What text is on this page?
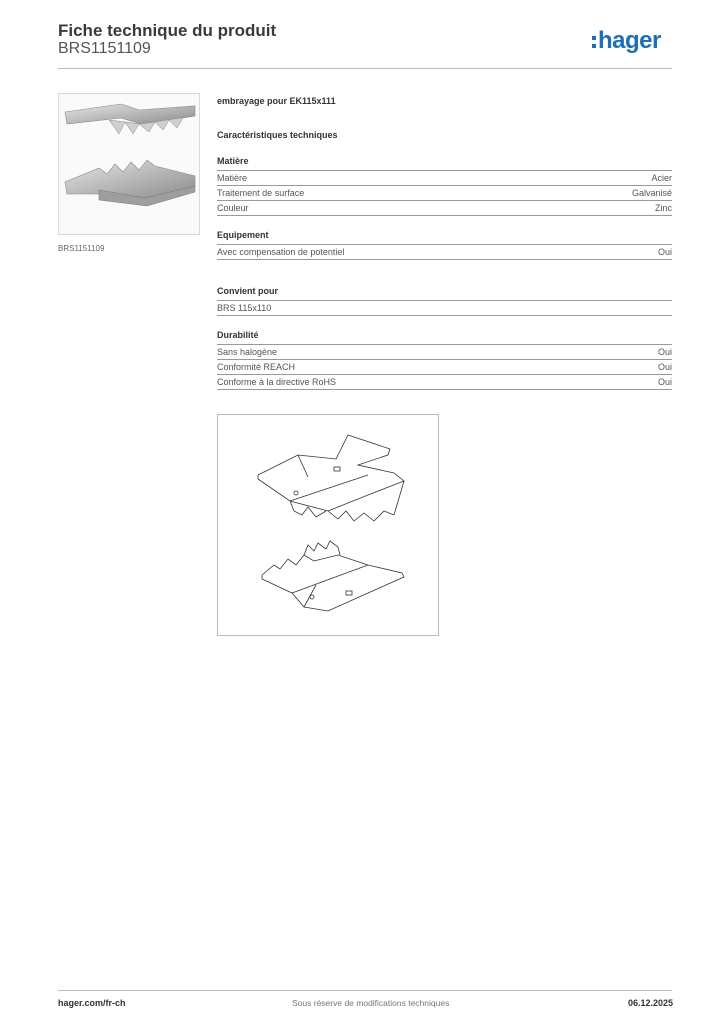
Fiche technique du produit
BRS1151109	hager
BRS1151109
embrayage pour EK115x111
Caractéristiques techniques
Matière
Matière	Acier
Traitement de surface	Galvanisé
Couleur	Zinc
Equipement
Avec compensation de potentiel	Oui
Convient pour
BRS 115x110
Durabilité
Sans halogène	Oui
Conformité REACH	Oui
Conforme à la directive RoHS	Oui
hager.com/fr-ch	Sous réserve de modifications techniques	06.12.2025
